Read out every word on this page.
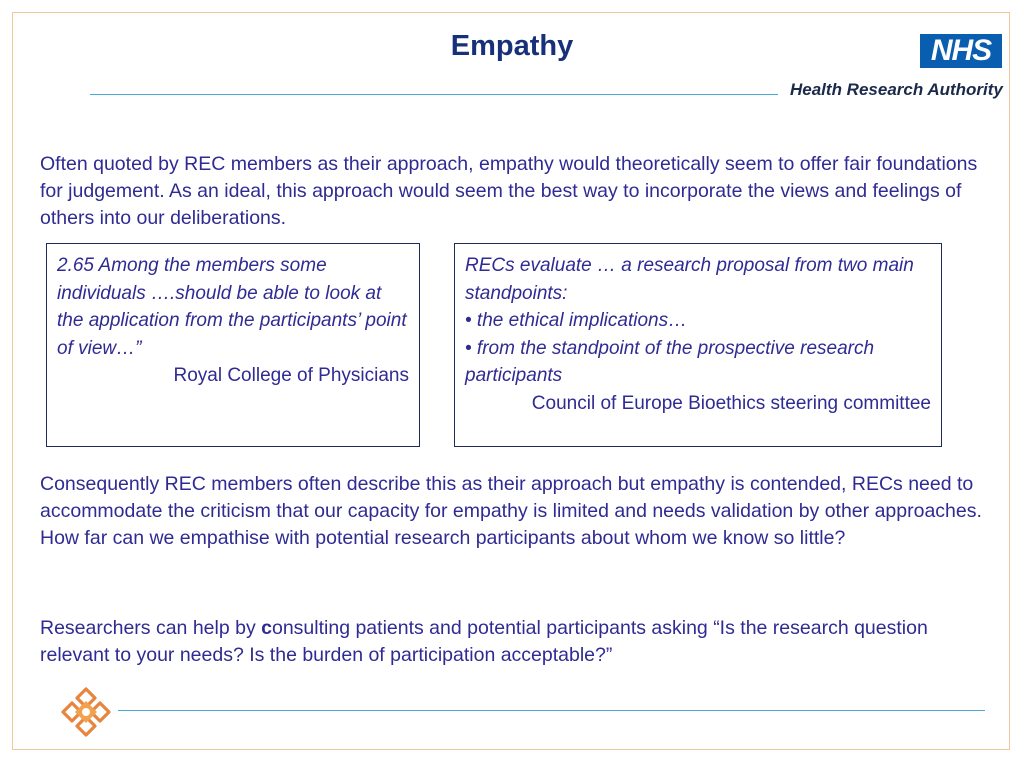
Empathy	NHS
Health Research Authority

Often quoted by REC members as their approach, empathy would theoretically seem to offer fair foundations for judgement. As an ideal, this approach would seem the best way to incorporate the views and feelings of others into our deliberations.

2.65 Among the members some individuals ….should be able to look at the application from the participants’ point of view…”

Royal College of Physicians

RECs evaluate … a research proposal from two main standpoints:

• the ethical implications…

• from the standpoint of the prospective research participants

Council of Europe Bioethics steering committee

Consequently REC members often describe this as their approach but empathy is contended, RECs need to accommodate the criticism that our capacity for empathy is limited and needs validation by other approaches. How far can we empathise with potential research participants about whom we know so little?

Researchers can help by consulting patients and potential participants asking “Is the research question relevant to your needs? Is the burden of participation acceptable?”
